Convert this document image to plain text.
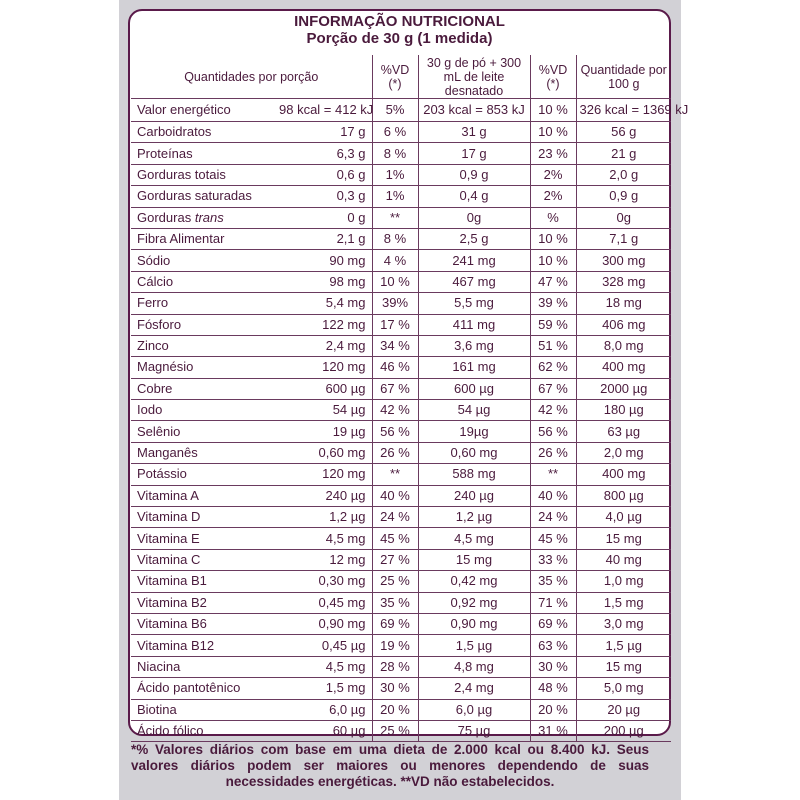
INFORMAÇÃO NUTRICIONAL
Porção de 30 g (1 medida)
Quantidades por porção		%VD (*)	30 g de pó + 300 mL de leite desnatado	%VD (*)	Quantidade por 100 g
Valor energético	98 kcal = 412 kJ	5%	203 kcal = 853 kJ	10 %	326 kcal = 1369 kJ
Carboidratos	17 g	6 %	31 g	10 %	56 g
Proteínas	6,3 g	8 %	17 g	23 %	21 g
Gorduras totais	0,6 g	1%	0,9 g	2%	2,0 g
Gorduras saturadas	0,3 g	1%	0,4 g	2%	0,9 g
Gorduras trans	0 g	**	0g	%	0g
Fibra Alimentar	2,1 g	8 %	2,5 g	10 %	7,1 g
Sódio	90 mg	4 %	241 mg	10 %	300 mg
Cálcio	98 mg	10 %	467 mg	47 %	328 mg
Ferro	5,4 mg	39%	5,5 mg	39 %	18 mg
Fósforo	122 mg	17 %	411 mg	59 %	406 mg
Zinco	2,4 mg	34 %	3,6 mg	51 %	8,0 mg
Magnésio	120 mg	46 %	161 mg	62 %	400 mg
Cobre	600 µg	67 %	600 µg	67 %	2000 µg
Iodo	54 µg	42 %	54 µg	42 %	180 µg
Selênio	19 µg	56 %	19µg	56 %	63 µg
Manganês	0,60 mg	26 %	0,60 mg	26 %	2,0 mg
Potássio	120 mg	**	588 mg	**	400 mg
Vitamina A	240 µg	40 %	240 µg	40 %	800 µg
Vitamina D	1,2 µg	24 %	1,2 µg	24 %	4,0 µg
Vitamina E	4,5 mg	45 %	4,5 mg	45 %	15 mg
Vitamina C	12 mg	27 %	15 mg	33 %	40 mg
Vitamina B1	0,30 mg	25 %	0,42 mg	35 %	1,0 mg
Vitamina B2	0,45 mg	35 %	0,92 mg	71 %	1,5 mg
Vitamina B6	0,90 mg	69 %	0,90 mg	69 %	3,0 mg
Vitamina B12	0,45 µg	19 %	1,5 µg	63 %	1,5 µg
Niacina	4,5 mg	28 %	4,8 mg	30 %	15 mg
Ácido pantotênico	1,5 mg	30 %	2,4 mg	48 %	5,0 mg
Biotina	6,0 µg	20 %	6,0 µg	20 %	20 µg
Ácido fólico	60 µg	25 %	75 µg	31 %	200 µg

*% Valores diários com base em uma dieta de 2.000 kcal ou 8.400 kJ. Seus valores diários podem ser maiores ou menores dependendo de suas necessidades energéticas. **VD não estabelecidos.
